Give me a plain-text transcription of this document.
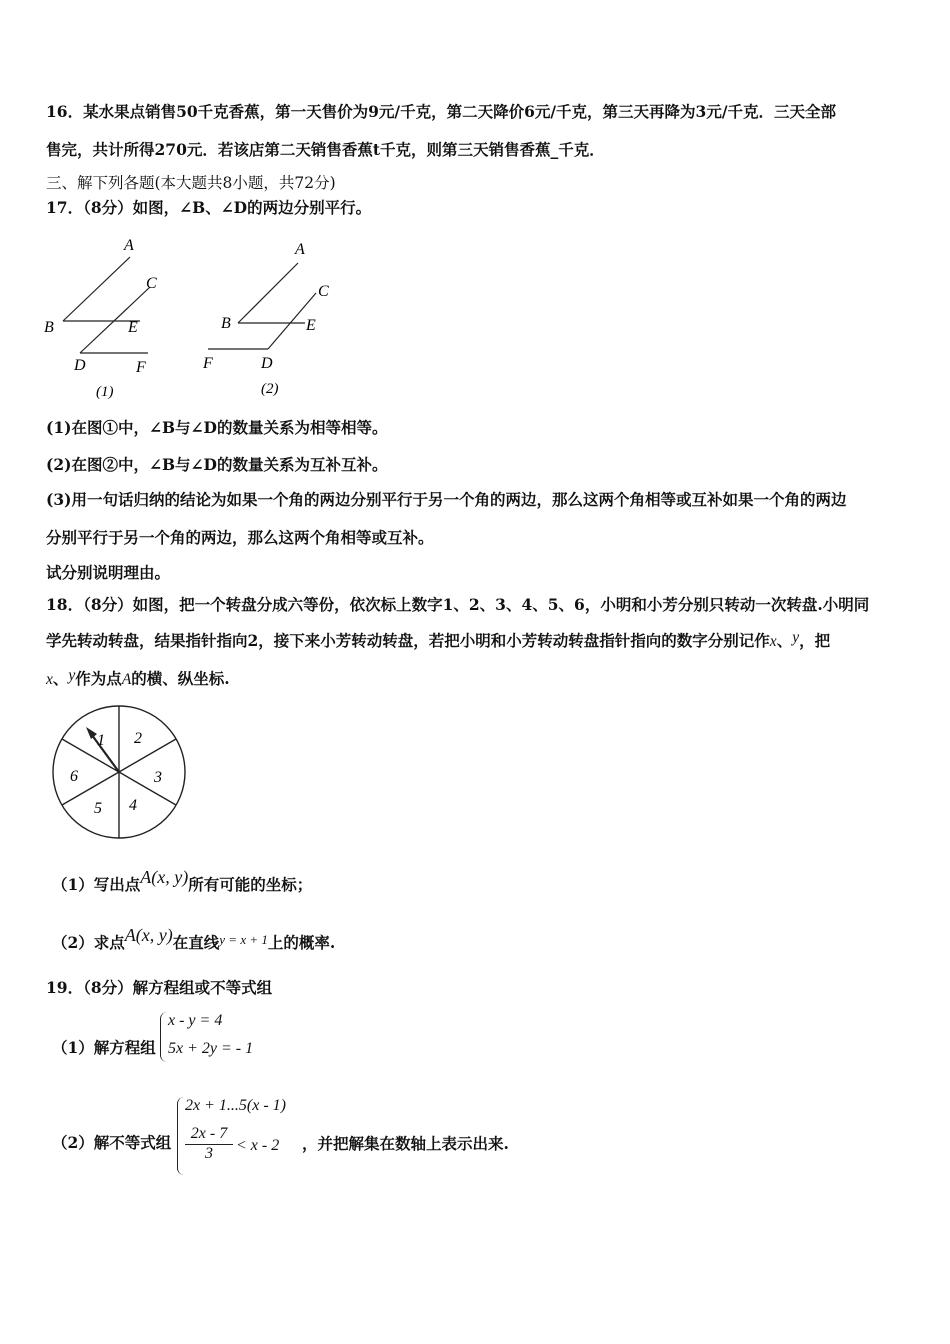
16．某水果点销售50千克香蕉，第一天售价为9元/千克，第二天降价6元/千克，第三天再降为3元/千克．三天全部
售完，共计所得270元．若该店第二天销售香蕉t千克，则第三天销售香蕉_千克．
三、解下列各题(本大题共8小题，共72分)
17．（8分）如图，∠B、∠D的两边分别平行。
A
C
B	E
D	F
(1)
A
C
B	E
F	D
(2)
(1)在图①中，∠B与∠D的数量关系为相等相等。
(2)在图②中，∠B与∠D的数量关系为互补互补。
(3)用一句话归纳的结论为如果一个角的两边分别平行于另一个角的两边，那么这两个角相等或互补如果一个角的两边
分别平行于另一个角的两边，那么这两个角相等或互补。
试分别说明理由。
18．（8分）如图，把一个转盘分成六等份，依次标上数字1、2、3、4、5、6，小明和小芳分别只转动一次转盘.小明同
学先转动转盘，结果指针指向2，接下来小芳转动转盘，若把小明和小芳转动转盘指针指向的数字分别记作x、y，把
x、y作为点A的横、纵坐标.
1 2
3
4
5
6
（1）写出点A(x, y)所有可能的坐标；
（2）求点A(x, y)在直线$^{y = x + 1}$上的概率.
19．（8分）解方程组或不等式组
（1）解方程组
x - y = 4
5x + 2y = - 1
（2）解不等式组
2x + 1...5(x - 1)
2x - 7
3	< x - 2 ，并把解集在数轴上表示出来.
